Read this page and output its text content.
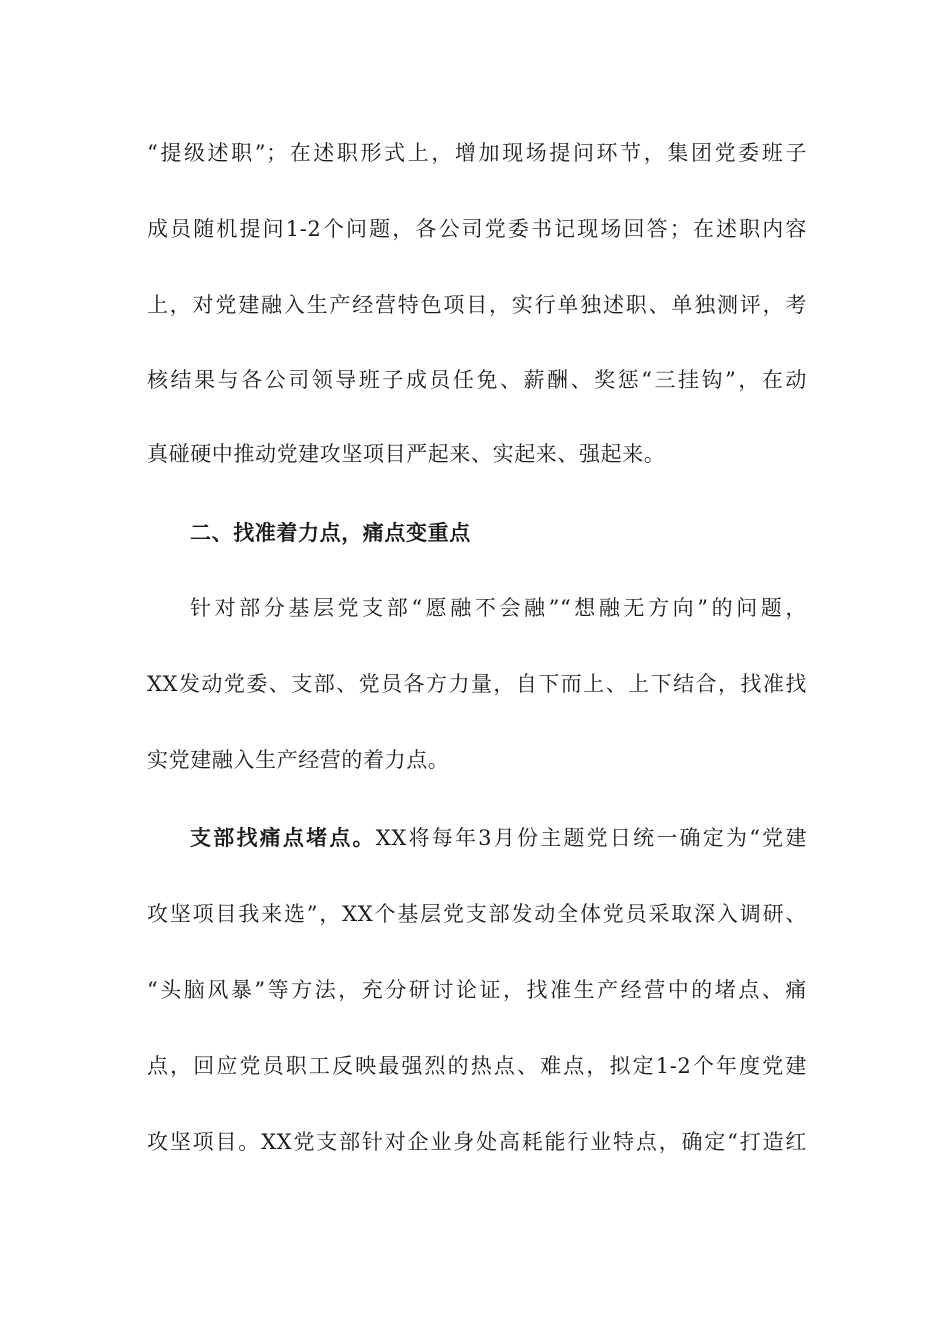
“提级述职”；在述职形式上，增加现场提问环节，集团党委班子
成员随机提问1-2个问题，各公司党委书记现场回答；在述职内容
上，对党建融入生产经营特色项目，实行单独述职、单独测评，考
核结果与各公司领导班子成员任免、薪酬、奖惩“三挂钩”，在动
真碰硬中推动党建攻坚项目严起来、实起来、强起来。
二、找准着力点，痛点变重点
针对部分基层党支部“愿融不会融”“想融无方向”的问题，
XX发动党委、支部、党员各方力量，自下而上、上下结合，找准找
实党建融入生产经营的着力点。
支部找痛点堵点。XX将每年3月份主题党日统一确定为“党建
攻坚项目我来选”，XX个基层党支部发动全体党员采取深入调研、
“头脑风暴”等方法，充分研讨论证，找准生产经营中的堵点、痛
点，回应党员职工反映最强烈的热点、难点，拟定1-2个年度党建
攻坚项目。XX党支部针对企业身处高耗能行业特点，确定“打造红
